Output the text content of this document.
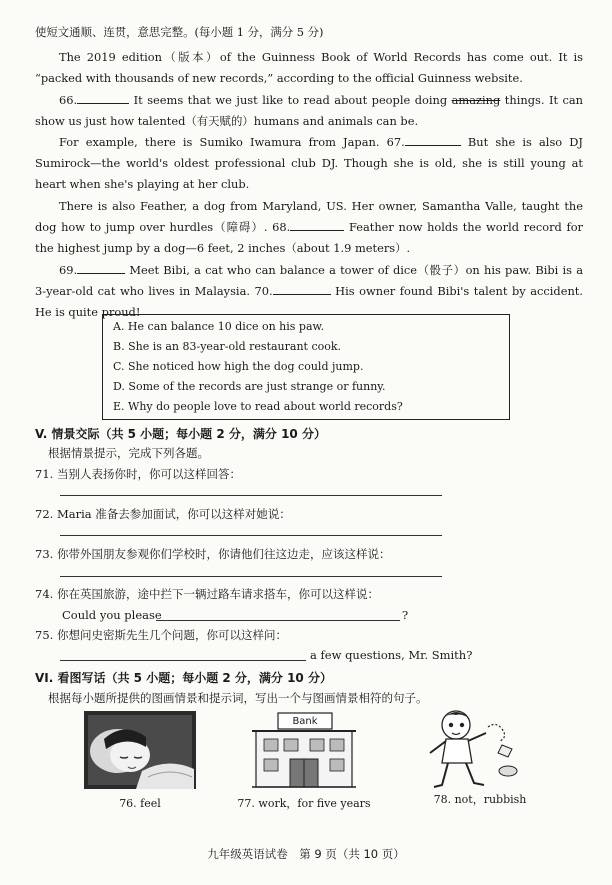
使短文通顺、连贯，意思完整。(每小题 1 分，满分 5 分)

The 2019 edition（版本）of the Guinness Book of World Records has come out. It is “packed with thousands of new records,” according to the official Guinness website.

66.	It seems that we just like to read about people doing amazing things. It can show us just how talented（有天赋的）humans and animals can be.

For example, there is Sumiko Iwamura from Japan. 67.	But she is also DJ Sumirock—the world's oldest professional club DJ. Though she is old, she is still young at heart when she's playing at her club.

There is also Feather, a dog from Maryland, US. Her owner, Samantha Valle, taught the dog how to jump over hurdles（障碍）. 68.	Feather now holds the world record for the highest jump by a dog—6 feet, 2 inches（about 1.9 meters）.

69.	Meet Bibi, a cat who can balance a tower of dice（骰子）on his paw. Bibi is a 3-year-old cat who lives in Malaysia. 70.	His owner found Bibi's talent by accident. He is quite proud!

A. He can balance 10 dice on his paw.
B. She is an 83-year-old restaurant cook.
C. She noticed how high the dog could jump.
D. Some of the records are just strange or funny.
E. Why do people love to read about world records?
V. 情景交际（共 5 小题；每小题 2 分，满分 10 分）
根据情景提示，完成下列各题。
71. 当别人表扬你时，你可以这样回答：
72. Maria 准备去参加面试，你可以这样对她说：
73. 你带外国朋友参观你们学校时，你请他们往这边走，应该这样说：
74. 你在英国旅游，途中拦下一辆过路车请求搭车，你可以这样说：
Could you please	?
75. 你想问史密斯先生几个问题，你可以这样问：
a few questions, Mr. Smith?
VI. 看图写话（共 5 小题；每小题 2 分，满分 10 分）
根据每小题所提供的图画情景和提示词，写出一个与图画情景相符的句子。
76. feel
Bank
77. work，for five years	78. not，rubbish
九年级英语试卷　第 9 页（共 10 页）
